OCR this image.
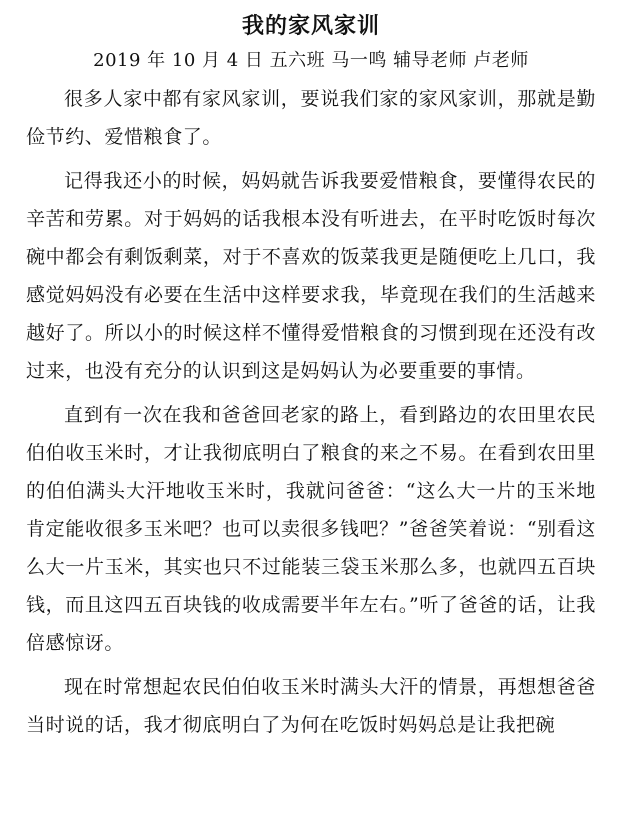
我的家风家训

2019 年 10 月 4 日 五六班 马一鸣 辅导老师 卢老师

很多人家中都有家风家训，要说我们家的家风家训，那就是勤俭节约、爱惜粮食了。

记得我还小的时候，妈妈就告诉我要爱惜粮食，要懂得农民的辛苦和劳累。对于妈妈的话我根本没有听进去，在平时吃饭时每次碗中都会有剩饭剩菜，对于不喜欢的饭菜我更是随便吃上几口，我感觉妈妈没有必要在生活中这样要求我，毕竟现在我们的生活越来越好了。所以小的时候这样不懂得爱惜粮食的习惯到现在还没有改过来，也没有充分的认识到这是妈妈认为必要重要的事情。

直到有一次在我和爸爸回老家的路上，看到路边的农田里农民伯伯收玉米时，才让我彻底明白了粮食的来之不易。在看到农田里的伯伯满头大汗地收玉米时，我就问爸爸：“这么大一片的玉米地肯定能收很多玉米吧？也可以卖很多钱吧？”爸爸笑着说：“别看这么大一片玉米，其实也只不过能装三袋玉米那么多，也就四五百块钱，而且这四五百块钱的收成需要半年左右。”听了爸爸的话，让我倍感惊讶。

现在时常想起农民伯伯收玉米时满头大汗的情景，再想想爸爸当时说的话，我才彻底明白了为何在吃饭时妈妈总是让我把碗
